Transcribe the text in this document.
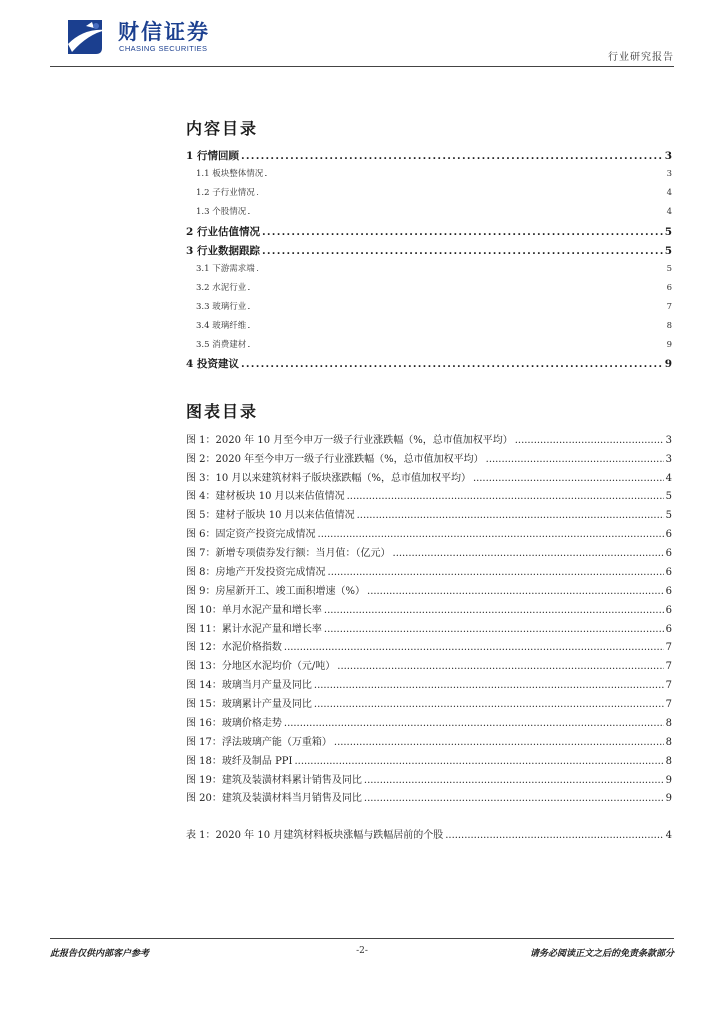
财信证券
CHASING SECURITIES
行业研究报告
内容目录
1 行情回顾 . . .	3
1.1 板块整体情况 . . .	3
1.2 子行业情况 . . .	4
1.3 个股情况 . . .	4
2 行业估值情况 . . .	5
3 行业数据跟踪 . . .	5
3.1 下游需求端 . . .	5
3.2 水泥行业 . . .	6
3.3 玻璃行业 . . .	7
3.4 玻璃纤维 . . .	8
3.5 消费建材 . . .	9
4 投资建议 . . .	9
图表目录
图 1：2020 年 10 月至今申万一级子行业涨跌幅（%，总市值加权平均） . . .	3
图 2：2020 年至今申万一级子行业涨跌幅（%，总市值加权平均） . . .	3
图 3：10 月以来建筑材料子版块涨跌幅（%，总市值加权平均） . . .	4
图 4：建材板块 10 月以来估值情况 . . .	5
图 5：建材子版块 10 月以来估值情况 . . .	5
图 6：固定资产投资完成情况 . . .	6
图 7：新增专项债券发行额：当月值：（亿元） . . .	6
图 8：房地产开发投资完成情况 . . .	6
图 9：房屋新开工、竣工面积增速（%） . . .	6
图 10：单月水泥产量和增长率 . . .	6
图 11：累计水泥产量和增长率 . . .	6
图 12：水泥价格指数 . . .	7
图 13：分地区水泥均价（元/吨） . . .	7
图 14：玻璃当月产量及同比 . . .	7
图 15：玻璃累计产量及同比 . . .	7
图 16：玻璃价格走势 . . .	8
图 17：浮法玻璃产能（万重箱） . . .	8
图 18：玻纤及制品 PPI . . .	8
图 19：建筑及装潢材料累计销售及同比 . . .	9
图 20：建筑及装潢材料当月销售及同比 . . .	9
表 1：2020 年 10 月建筑材料板块涨幅与跌幅居前的个股 . . .	4
此报告仅供内部客户参考	-2-	请务必阅读正文之后的免责条款部分
